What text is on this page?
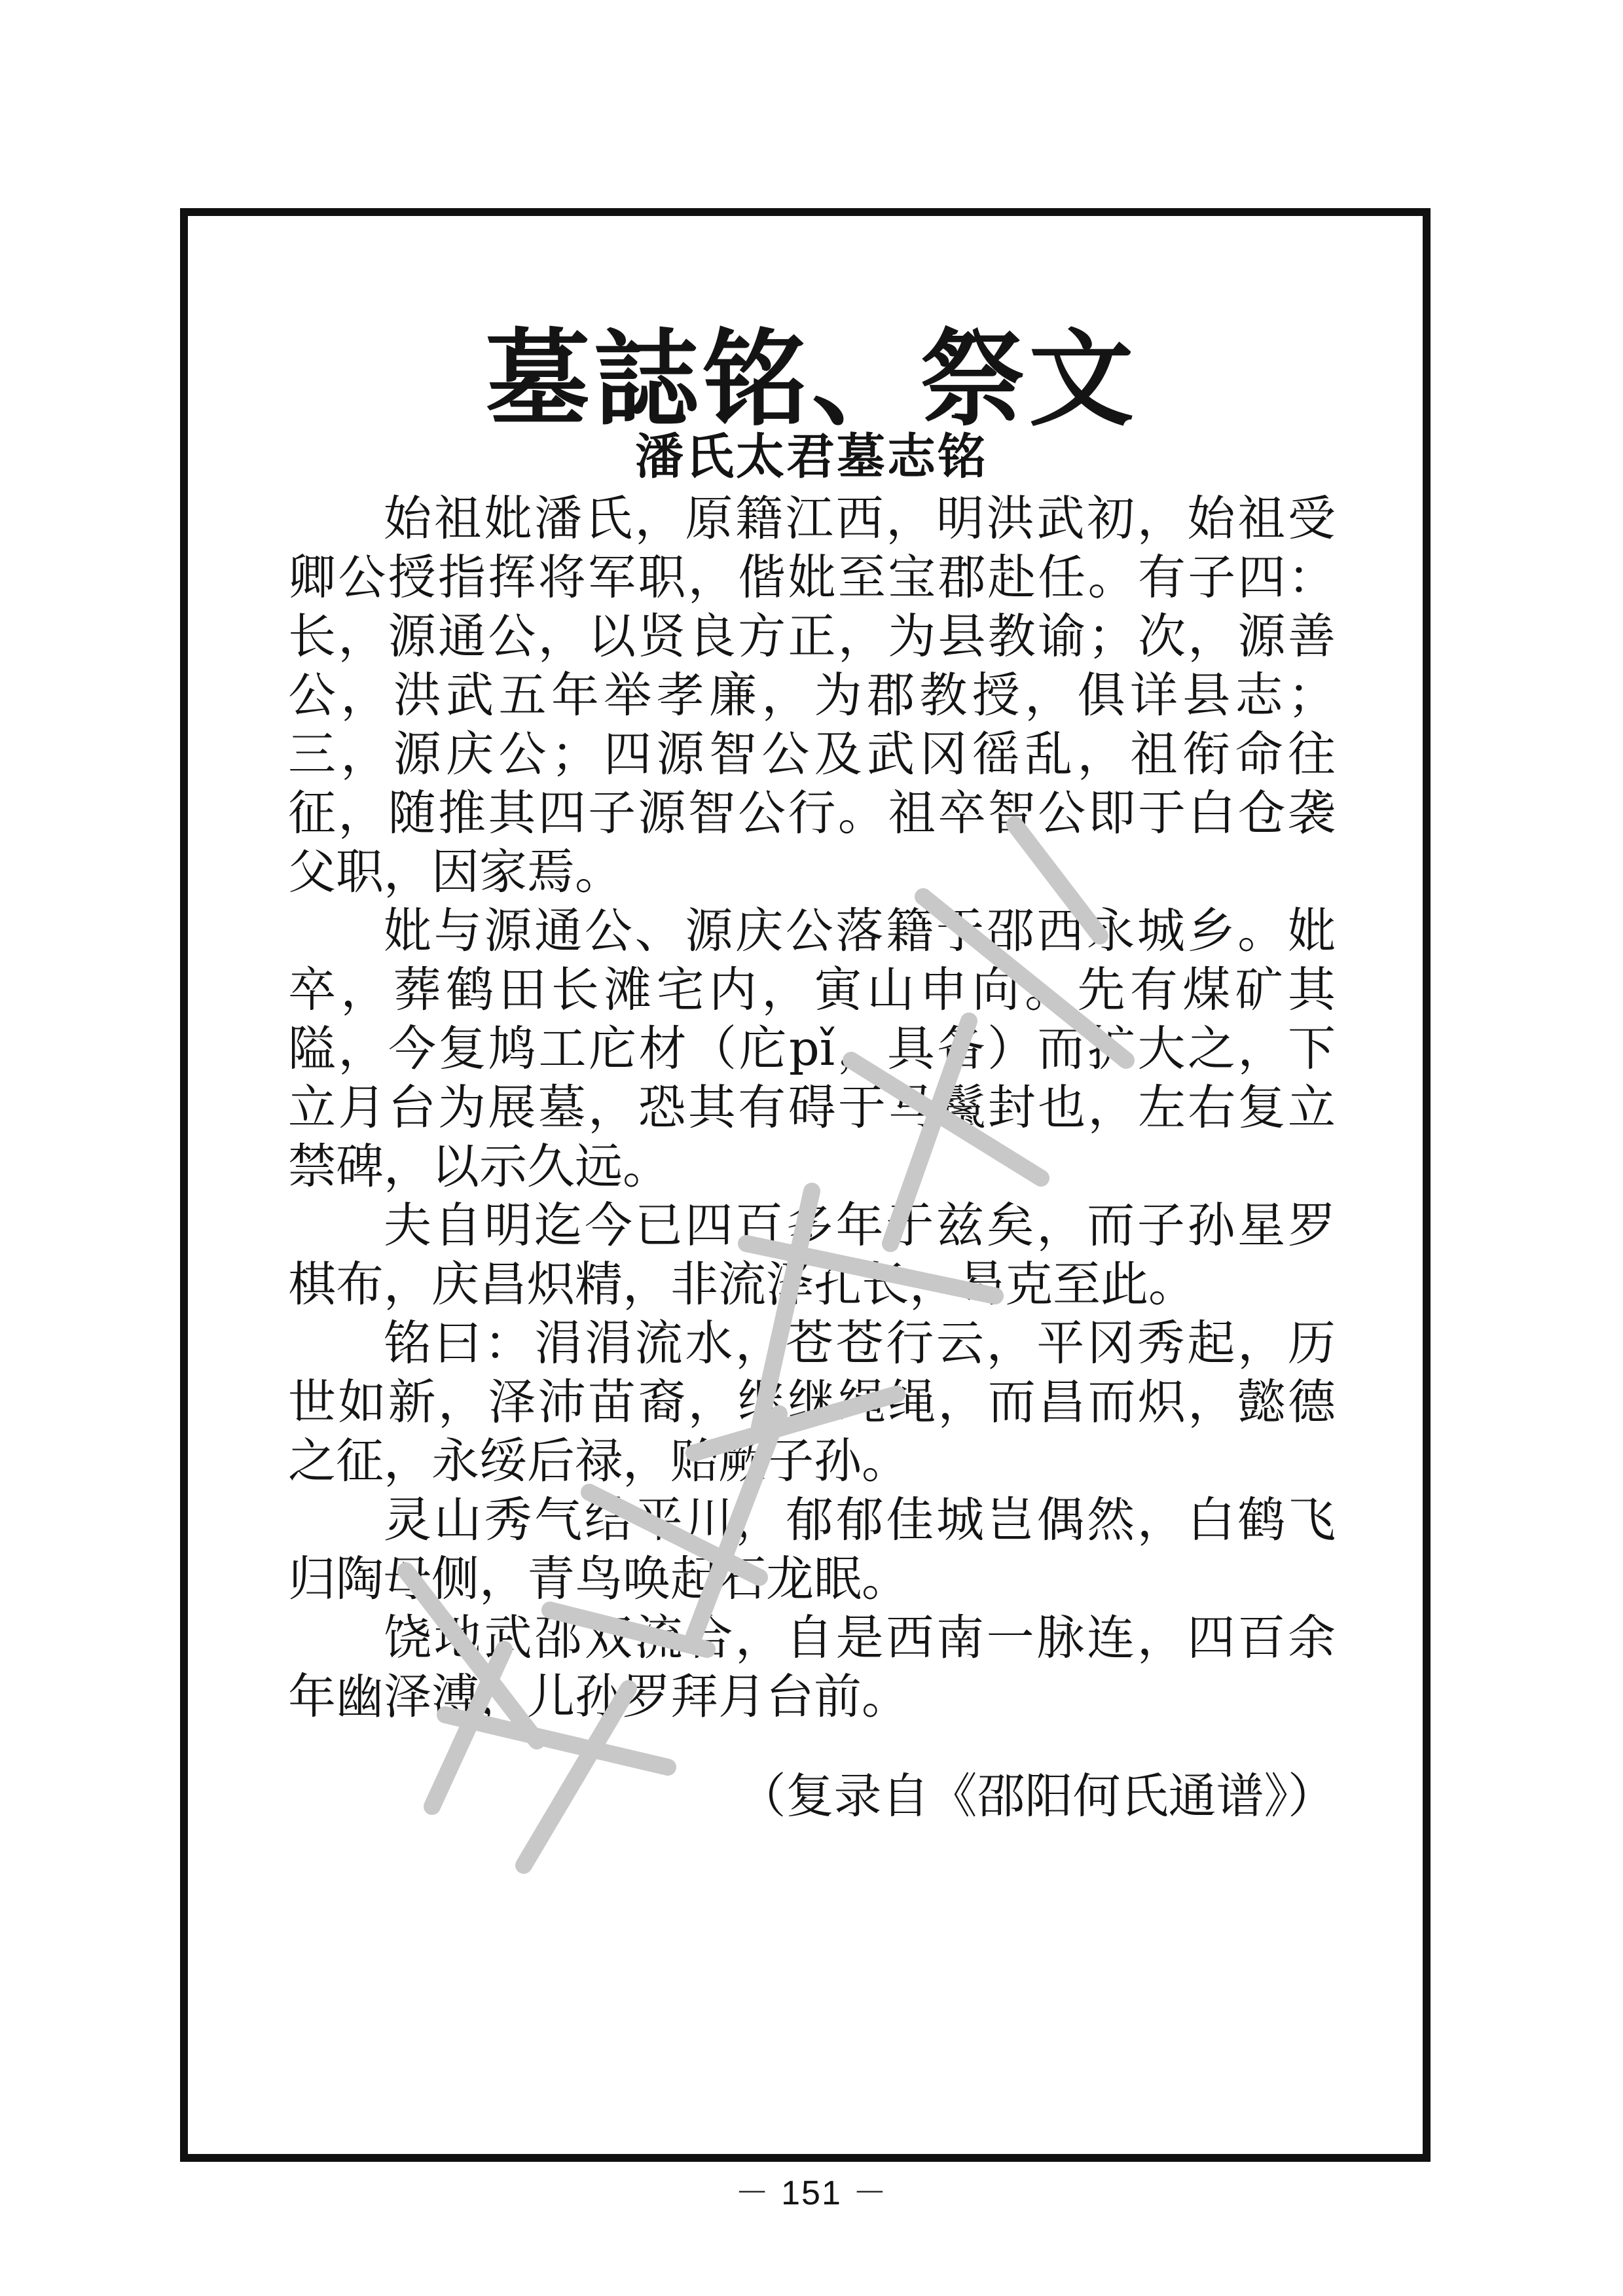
墓誌铭、祭文
潘氏太君墓志铭

始祖妣潘氏，原籍江西，明洪武初，始祖受卿公授指挥将军职，偕妣至宝郡赴任。有子四：长，源通公，以贤良方正，为县教谕；次，源善公，洪武五年举孝廉，为郡教授，俱详县志；三，源庆公；四源智公及武冈徭乱，祖衔命往征，随推其四子源智公行。祖卒智公即于白仓袭父职，因家焉。

妣与源通公、源庆公落籍于邵西永城乡。妣卒，葬鹤田长滩宅内，寅山申向。先有煤矿其隘，今复鸠工庀材（庀pǐ，具备）而扩大之，下立月台为展墓，恐其有碍于马鬣封也，左右复立禁碑，以示久远。

夫自明迄今已四百多年于兹矣，而子孙星罗棋布，庆昌炽精，非流泽孔长，曷克至此。

铭曰：涓涓流水，苍苍行云，平冈秀起，历世如新，泽沛苗裔，继继绳绳，而昌而炽，懿德之征，永绥后禄，贻厥子孙。

灵山秀气结平川，郁郁佳城岂偶然，白鹤飞归陶母侧，青鸟唤起石龙眠。

饶地武邵双流合，自是西南一脉连，四百余年幽泽溥，儿孙罗拜月台前。

（复录自《邵阳何氏通谱》）
－ 151 －
